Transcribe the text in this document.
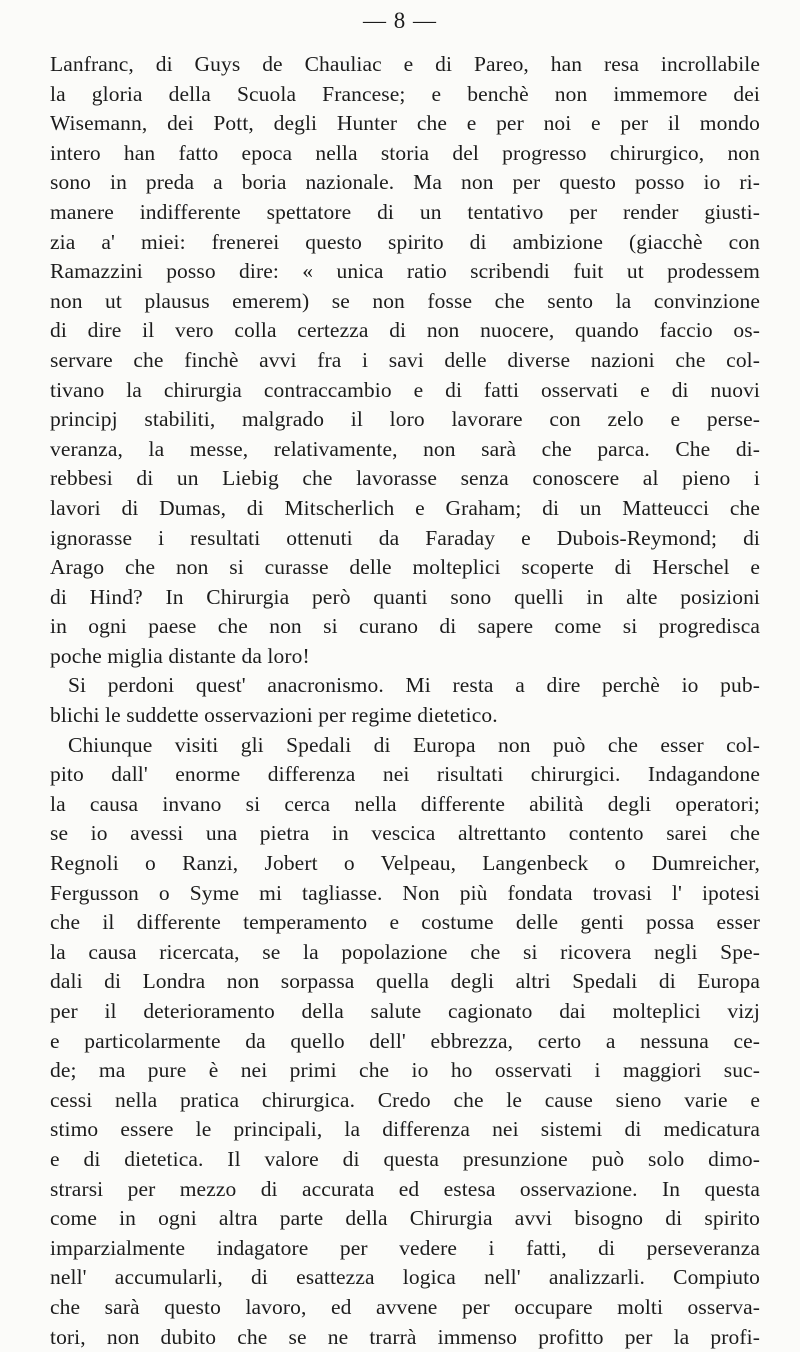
— 8 —
Lanfranc, di Guys de Chauliac e di Pareo, han resa incrollabile
la gloria della Scuola Francese; e benchè non immemore dei
Wisemann, dei Pott, degli Hunter che e per noi e per il mondo
intero han fatto epoca nella storia del progresso chirurgico, non
sono in preda a boria nazionale. Ma non per questo posso io ri-
manere indifferente spettatore di un tentativo per render giusti-
zia a' miei: frenerei questo spirito di ambizione (giacchè con
Ramazzini posso dire: « unica ratio scribendi fuit ut prodessem
non ut plausus emerem) se non fosse che sento la convinzione
di dire il vero colla certezza di non nuocere, quando faccio os-
servare che finchè avvi fra i savi delle diverse nazioni che col-
tivano la chirurgia contraccambio e di fatti osservati e di nuovi
principj stabiliti, malgrado il loro lavorare con zelo e perse-
veranza, la messe, relativamente, non sarà che parca. Che di-
rebbesi di un Liebig che lavorasse senza conoscere al pieno i
lavori di Dumas, di Mitscherlich e Graham; di un Matteucci che
ignorasse i resultati ottenuti da Faraday e Dubois-Reymond; di
Arago che non si curasse delle molteplici scoperte di Herschel e
di Hind? In Chirurgia però quanti sono quelli in alte posizioni
in ogni paese che non si curano di sapere come si progredisca
poche miglia distante da loro!
Si perdoni quest' anacronismo. Mi resta a dire perchè io pub-
blichi le suddette osservazioni per regime dietetico.
Chiunque visiti gli Spedali di Europa non può che esser col-
pito dall' enorme differenza nei risultati chirurgici. Indagandone
la causa invano si cerca nella differente abilità degli operatori;
se io avessi una pietra in vescica altrettanto contento sarei che
Regnoli o Ranzi, Jobert o Velpeau, Langenbeck o Dumreicher,
Fergusson o Syme mi tagliasse. Non più fondata trovasi l' ipotesi
che il differente temperamento e costume delle genti possa esser
la causa ricercata, se la popolazione che si ricovera negli Spe-
dali di Londra non sorpassa quella degli altri Spedali di Europa
per il deterioramento della salute cagionato dai molteplici vizj
e particolarmente da quello dell' ebbrezza, certo a nessuna ce-
de; ma pure è nei primi che io ho osservati i maggiori suc-
cessi nella pratica chirurgica. Credo che le cause sieno varie e
stimo essere le principali, la differenza nei sistemi di medicatura
e di dietetica. Il valore di questa presunzione può solo dimo-
strarsi per mezzo di accurata ed estesa osservazione. In questa
come in ogni altra parte della Chirurgia avvi bisogno di spirito
imparzialmente indagatore per vedere i fatti, di perseveranza
nell' accumularli, di esattezza logica nell' analizzarli. Compiuto
che sarà questo lavoro, ed avvene per occupare molti osserva-
tori, non dubito che se ne trarrà immenso profitto per la profi-
